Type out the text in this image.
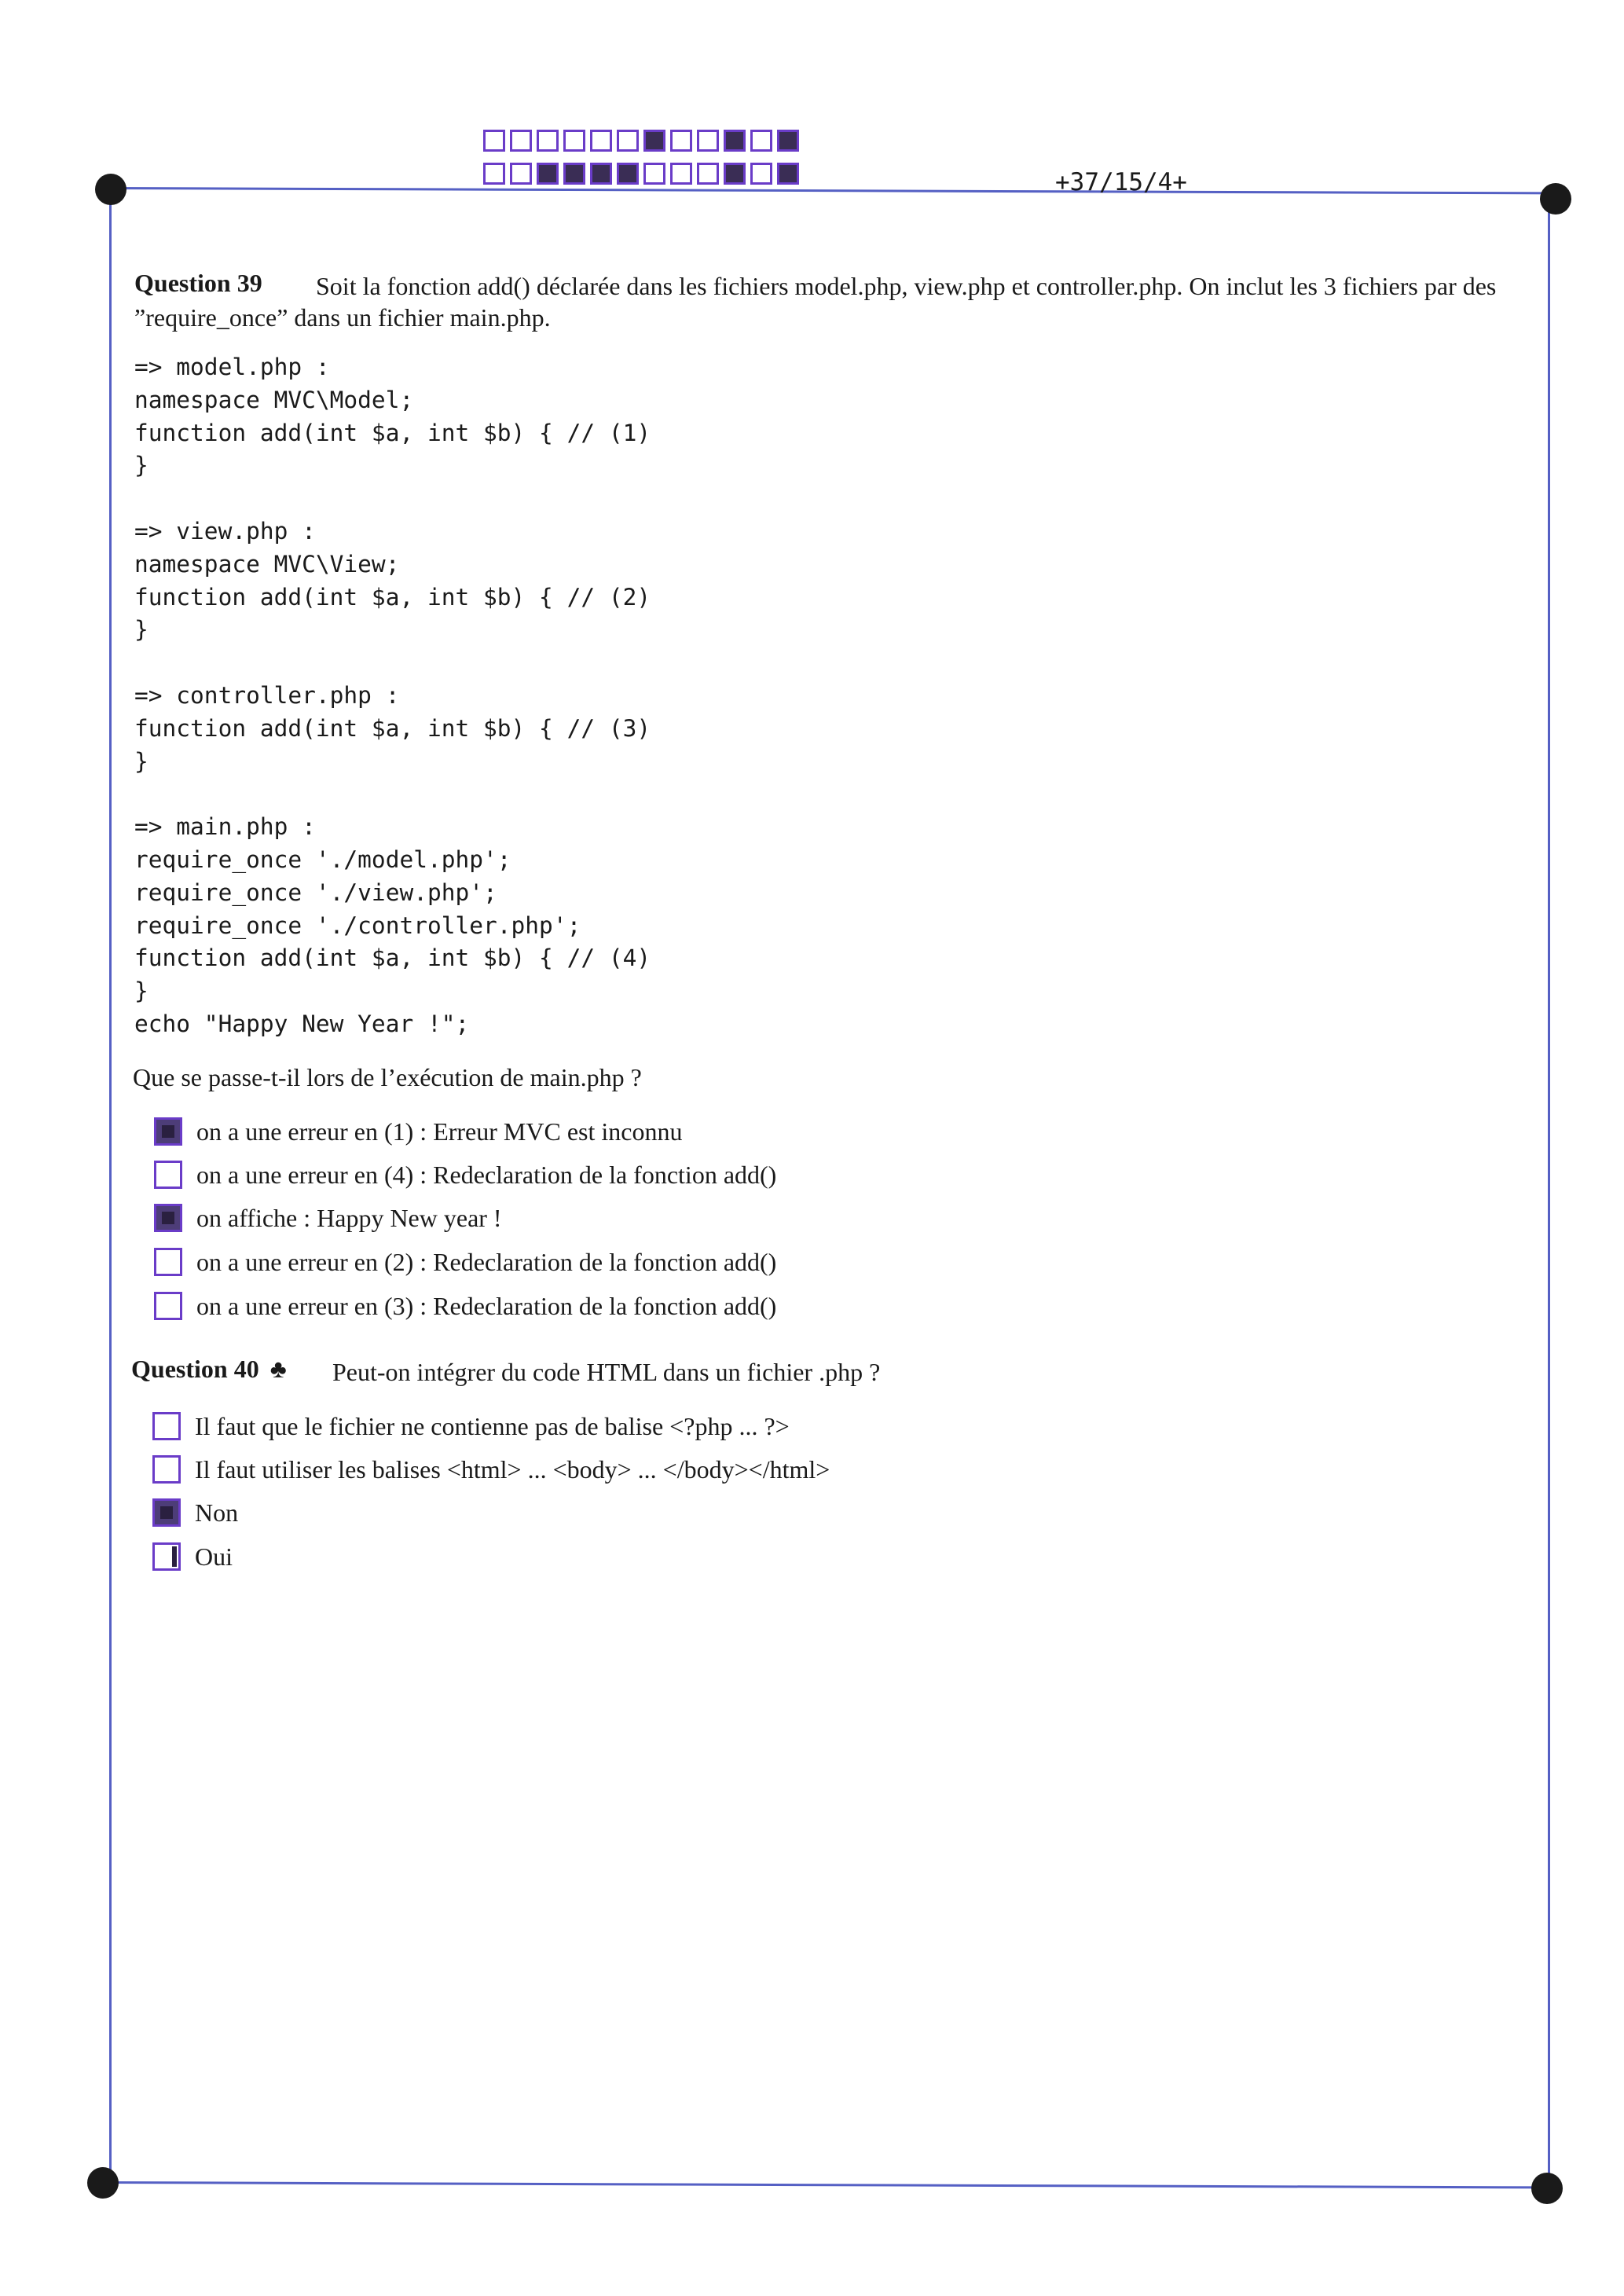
+37/15/4+
Question 39	Soit la fonction add() déclarée dans les fichiers model.php, view.php et controller.php. On inclut les 3 fichiers par des ”require_once” dans un fichier main.php.
=> model.php :
namespace MVC\Model;
function add(int $a, int $b) { // (1)
}

=> view.php :
namespace MVC\View;
function add(int $a, int $b) { // (2)
}

=> controller.php :
function add(int $a, int $b) { // (3)
}

=> main.php :
require_once './model.php';
require_once './view.php';
require_once './controller.php';
function add(int $a, int $b) { // (4)
}
echo "Happy New Year !";
Que se passe-t-il lors de l’exécution de main.php ?
on a une erreur en (1) : Erreur MVC est inconnu
on a une erreur en (4) : Redeclaration de la fonction add()
on affiche : Happy New year !
on a une erreur en (2) : Redeclaration de la fonction add()
on a une erreur en (3) : Redeclaration de la fonction add()
Question 40 ♣ Peut-on intégrer du code HTML dans un fichier .php ?
Il faut que le fichier ne contienne pas de balise <?php ... ?>
Il faut utiliser les balises <html> ... <body> ... </body></html>
Non
Oui
